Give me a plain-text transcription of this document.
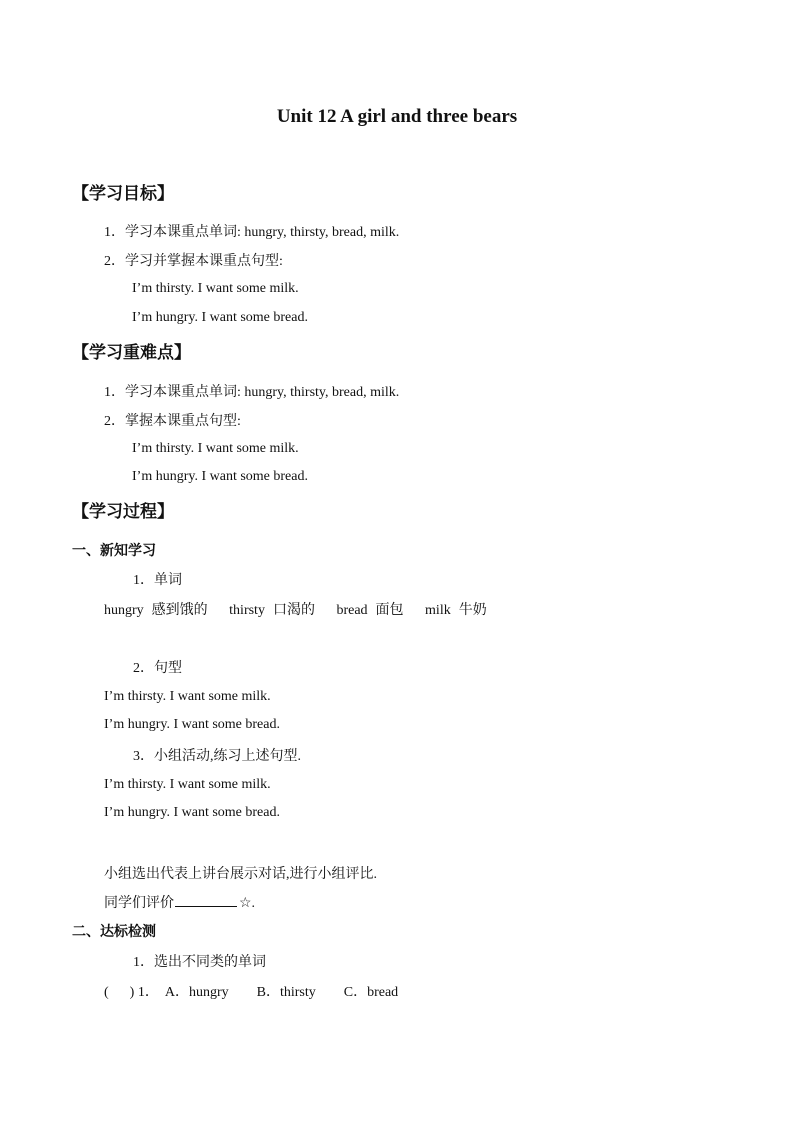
Unit 12 A girl and three bears
【学习目标】
1．学习本课重点单词: hungry, thirsty, bread, milk.
2．学习并掌握本课重点句型:
I’m thirsty. I want some milk.
I’m hungry. I want some bread.
【学习重难点】
1．学习本课重点单词: hungry, thirsty, bread, milk.
2．掌握本课重点句型:
I’m thirsty. I want some milk.
I’m hungry. I want some bread.
【学习过程】
一、新知学习
1．单词
hungry 感到饿的 thirsty 口渴的 bread 面包 milk 牛奶
2．句型
I’m thirsty. I want some milk.
I’m hungry. I want some bread.
3．小组活动,练习上述句型.
I’m thirsty. I want some milk.
I’m hungry. I want some bread.
小组选出代表上讲台展示对话,进行小组评比.
同学们评价	☆.
二、达标检测
1．选出不同类的单词
(      ) 1． A．hungry B．thirsty C．bread
